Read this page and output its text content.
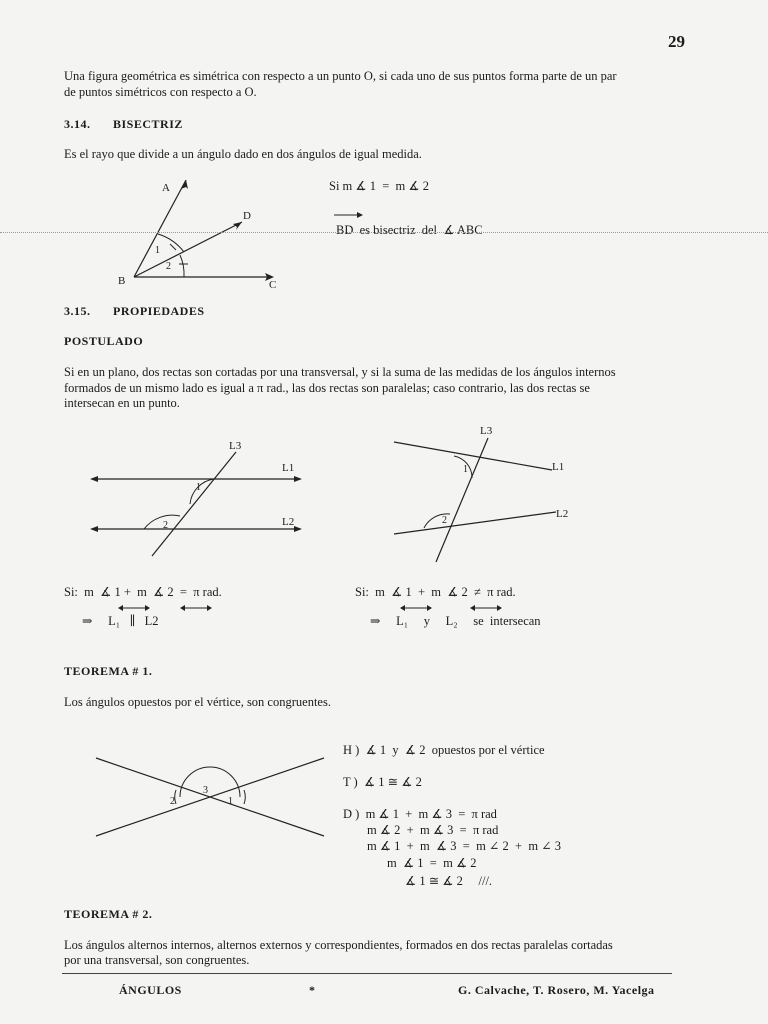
29
Una figura geométrica es simétrica con respecto a un punto O, si cada uno de sus puntos forma parte de un par
de puntos simétricos con respecto a O.
3.14. BISECTRIZ
Es el rayo que divide a un ángulo dado en dos ángulos de igual medida.
A
D
B	C
1
2
Si m ∡ 1  =  m ∡ 2
BD  es bisectriz  del  ∡ ABC
3.15. PROPIEDADES
POSTULADO
Si en un plano, dos rectas son cortadas por una transversal, y si la suma de las medidas de los ángulos internos
formados de un mismo lado es igual a π rad., las dos rectas son paralelas; caso contrario, las dos rectas se
intersecan en un punto.
L3
L1
L2
1
2
L3
L1
L2
1
2
Si:  m  ∡ 1 +  m  ∡ 2  =  π rad.	Si:  m  ∡ 1  +  m  ∡ 2  ≠  π rad.
⇒     L₁   ∥   L2	⇒     L₁     y     L₂     se  intersecan
TEOREMA # 1.
Los ángulos opuestos por el vértice, son congruentes.
3
2	1
H )  ∡ 1  y  ∡ 2  opuestos por el vértice
T )  ∡ 1 ≅ ∡ 2
D )  m ∡ 1  +  m ∡ 3  =  π rad
m ∡ 2  +  m ∡ 3  =  π rad
m ∡ 1  +  m  ∡ 3  =  m ∠ 2  +  m ∠ 3
m  ∡ 1  =  m ∡ 2
∡ 1 ≅ ∡ 2     ///.
TEOREMA # 2.
Los ángulos alternos internos, alternos externos y correspondientes, formados en dos rectas paralelas cortadas
por una transversal, son congruentes.
ÁNGULOS	*	G. Calvache, T. Rosero, M. Yacelga
